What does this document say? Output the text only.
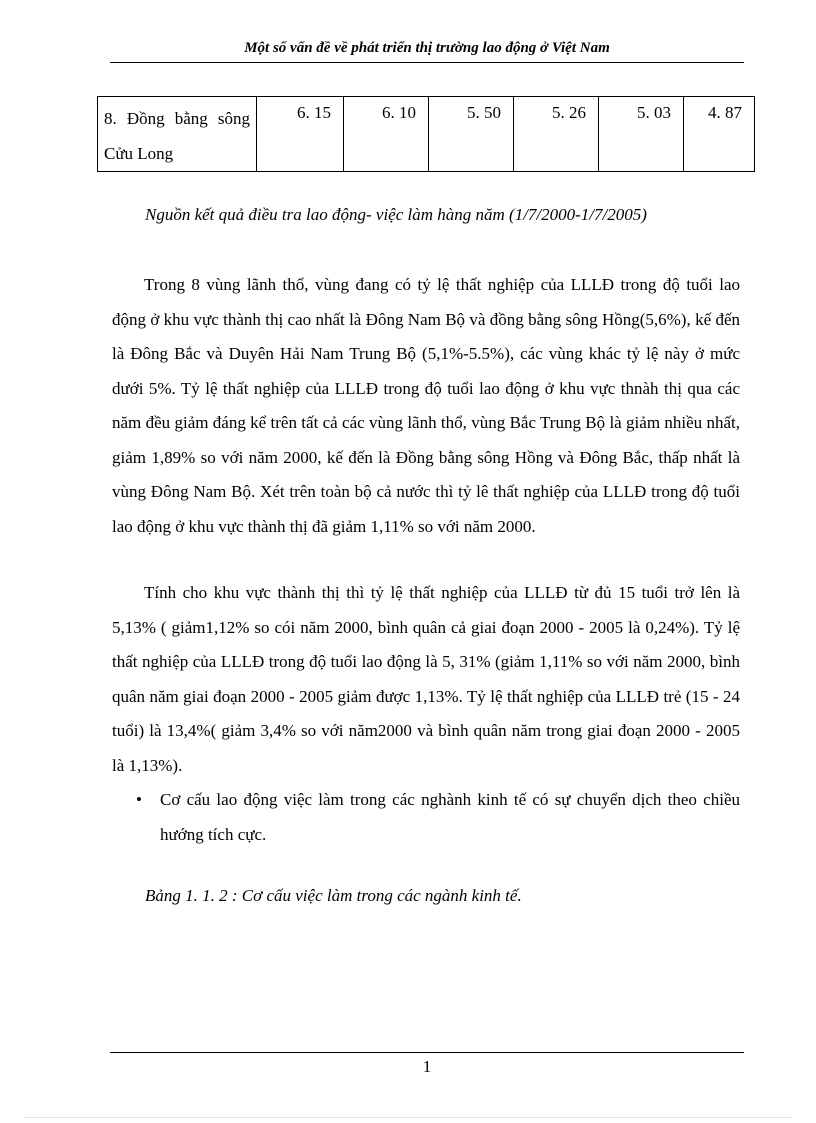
Một số vấn đề về phát triển thị trường lao động ở Việt Nam
8. Đồng bằng sông Cửu Long	6. 15	6. 10	5. 50	5. 26	5. 03	4. 87
Nguồn kết quả điều tra lao động- việc làm hàng năm (1/7/2000-1/7/2005)

Trong 8 vùng lãnh thổ, vùng đang có tỷ lệ thất nghiệp của LLLĐ trong độ tuổi lao động ở khu vực thành thị cao nhất là Đông Nam Bộ và đồng bằng sông Hồng(5,6%), kế đến là Đông Bắc và Duyên Hải Nam Trung Bộ (5,1%-5.5%), các vùng khác tỷ lệ này ở mức dưới 5%. Tỷ lệ thất nghiệp của LLLĐ trong độ tuổi lao động ở khu vực thnàh thị qua các năm đều giảm đáng kể trên tất cả các vùng lãnh thổ, vùng Bắc Trung Bộ là giảm nhiều nhất, giảm 1,89% so với năm 2000, kế đến là Đồng bằng sông Hồng và Đông Bắc, thấp nhất là vùng Đông Nam Bộ. Xét trên toàn bộ cả nước thì tỷ lê thất nghiệp của LLLĐ trong độ tuổi lao động ở khu vực thành thị đã giảm 1,11% so với năm 2000.

Tính cho khu vực thành thị thì tỷ lệ thất nghiệp của LLLĐ từ đủ 15 tuổi trở lên là 5,13% ( giảm1,12% so cói năm 2000, bình quân cả giai đoạn 2000 - 2005 là 0,24%). Tỷ lệ thất nghiệp của LLLĐ trong độ tuổi lao động là 5, 31% (giảm 1,11% so với năm 2000, bình quân năm giai đoạn 2000 - 2005 giảm được 1,13%. Tỷ lệ thất nghiệp của LLLĐ trẻ (15 - 24 tuổi) là 13,4%( giảm 3,4% so với năm2000 và bình quân năm trong giai đoạn 2000 - 2005 là 1,13%).

• Cơ cấu lao động việc làm trong các nghành kinh tế có sự chuyển dịch theo chiều hướng tích cực.

Bảng 1. 1. 2 : Cơ cấu việc làm trong các ngành kinh tế.
1
